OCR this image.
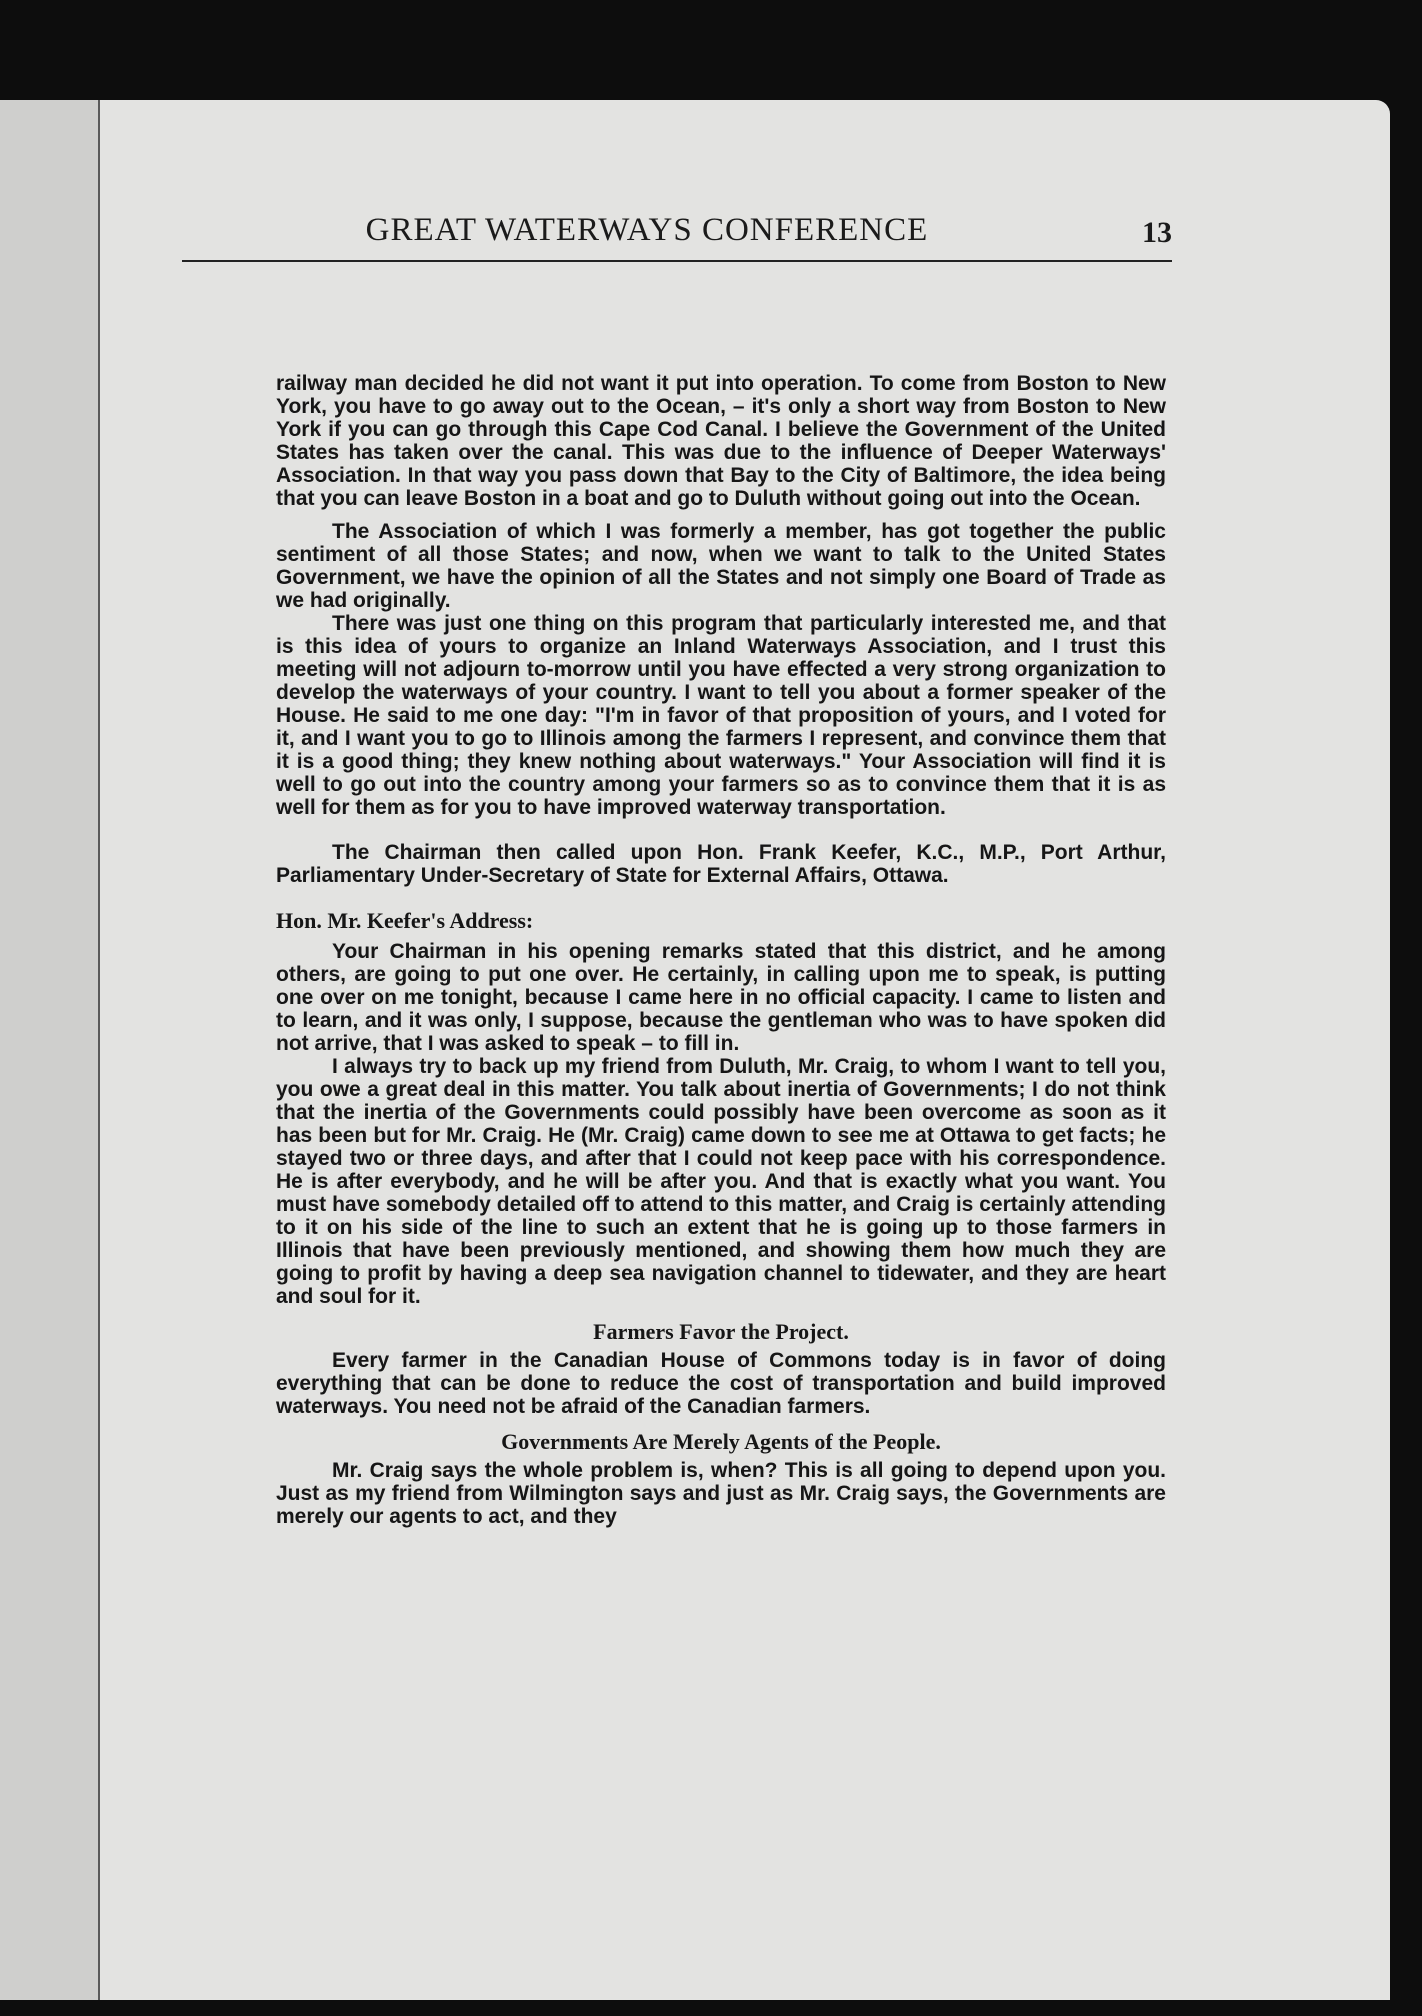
GREAT WATERWAYS CONFERENCE	13

railway man decided he did not want it put into operation. To come from Boston to New York, you have to go away out to the Ocean, – it's only a short way from Boston to New York if you can go through this Cape Cod Canal. I believe the Government of the United States has taken over the canal. This was due to the influence of Deeper Waterways' Association. In that way you pass down that Bay to the City of Baltimore, the idea being that you can leave Boston in a boat and go to Duluth without going out into the Ocean.

The Association of which I was formerly a member, has got together the public sentiment of all those States; and now, when we want to talk to the United States Government, we have the opinion of all the States and not simply one Board of Trade as we had originally.

There was just one thing on this program that particularly interested me, and that is this idea of yours to organize an Inland Waterways Association, and I trust this meeting will not adjourn to-morrow until you have effected a very strong organization to develop the waterways of your country. I want to tell you about a former speaker of the House. He said to me one day: "I'm in favor of that proposition of yours, and I voted for it, and I want you to go to Illinois among the farmers I represent, and convince them that it is a good thing; they knew nothing about waterways." Your Association will find it is well to go out into the country among your farmers so as to convince them that it is as well for them as for you to have improved waterway transportation.

The Chairman then called upon Hon. Frank Keefer, K.C., M.P., Port Arthur, Parliamentary Under-Secretary of State for External Affairs, Ottawa.

Hon. Mr. Keefer's Address:

Your Chairman in his opening remarks stated that this district, and he among others, are going to put one over. He certainly, in calling upon me to speak, is putting one over on me tonight, because I came here in no official capacity. I came to listen and to learn, and it was only, I suppose, because the gentleman who was to have spoken did not arrive, that I was asked to speak – to fill in.

I always try to back up my friend from Duluth, Mr. Craig, to whom I want to tell you, you owe a great deal in this matter. You talk about inertia of Governments; I do not think that the inertia of the Governments could possibly have been overcome as soon as it has been but for Mr. Craig. He (Mr. Craig) came down to see me at Ottawa to get facts; he stayed two or three days, and after that I could not keep pace with his correspondence. He is after everybody, and he will be after you. And that is exactly what you want. You must have somebody detailed off to attend to this matter, and Craig is certainly attending to it on his side of the line to such an extent that he is going up to those farmers in Illinois that have been previously mentioned, and showing them how much they are going to profit by having a deep sea navigation channel to tidewater, and they are heart and soul for it.

Farmers Favor the Project.

Every farmer in the Canadian House of Commons today is in favor of doing everything that can be done to reduce the cost of transportation and build improved waterways. You need not be afraid of the Canadian farmers.

Governments Are Merely Agents of the People.

Mr. Craig says the whole problem is, when? This is all going to depend upon you. Just as my friend from Wilmington says and just as Mr. Craig says, the Governments are merely our agents to act, and they
